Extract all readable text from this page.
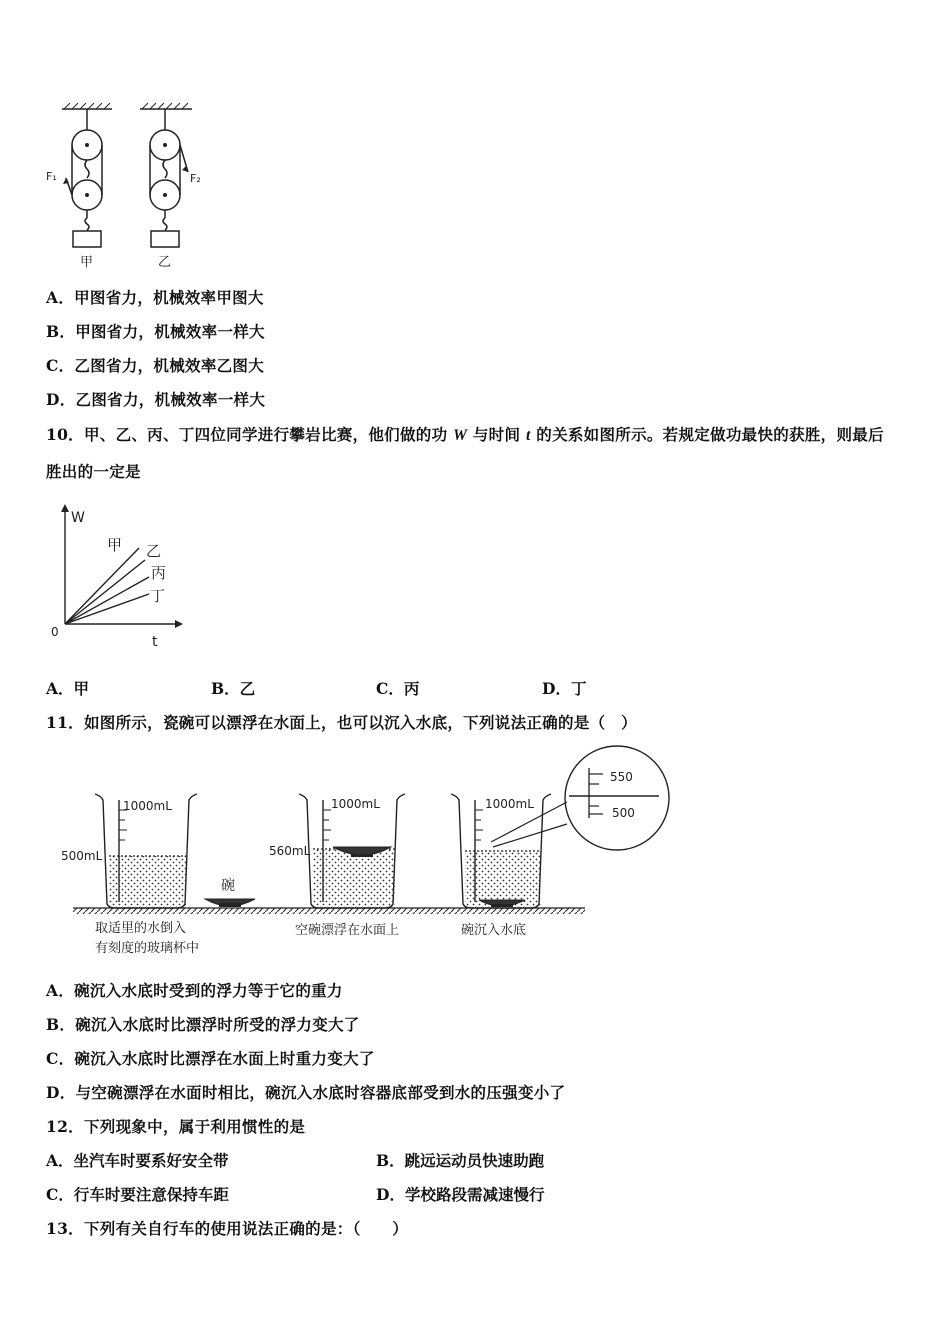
F₁	F₂
甲	乙
A．甲图省力，机械效率甲图大
B．甲图省力，机械效率一样大
C．乙图省力，机械效率乙图大
D．乙图省力，机械效率一样大
10．甲、乙、丙、丁四位同学进行攀岩比赛，他们做的功 W 与时间 t 的关系如图所示。若规定做功最快的获胜，则最后
胜出的一定是
W
t
0
甲 乙
丙
丁
A．甲	B．乙	C．丙	D．丁
11．如图所示，瓷碗可以漂浮在水面上，也可以沉入水底，下列说法正确的是（　）
1000mL
500mL
碗
取适里的水倒入
有刻度的玻璃杯中
1000mL
560mL
空碗漂浮在水面上
1000mL
550
500
碗沉入水底
A．碗沉入水底时受到的浮力等于它的重力
B．碗沉入水底时比漂浮时所受的浮力变大了
C．碗沉入水底时比漂浮在水面上时重力变大了
D．与空碗漂浮在水面时相比，碗沉入水底时容器底部受到水的压强变小了
12．下列现象中，属于利用惯性的是
A．坐汽车时要系好安全带	B．跳远运动员快速助跑
C．行车时要注意保持车距	D．学校路段需减速慢行
13．下列有关自行车的使用说法正确的是：（　　）
